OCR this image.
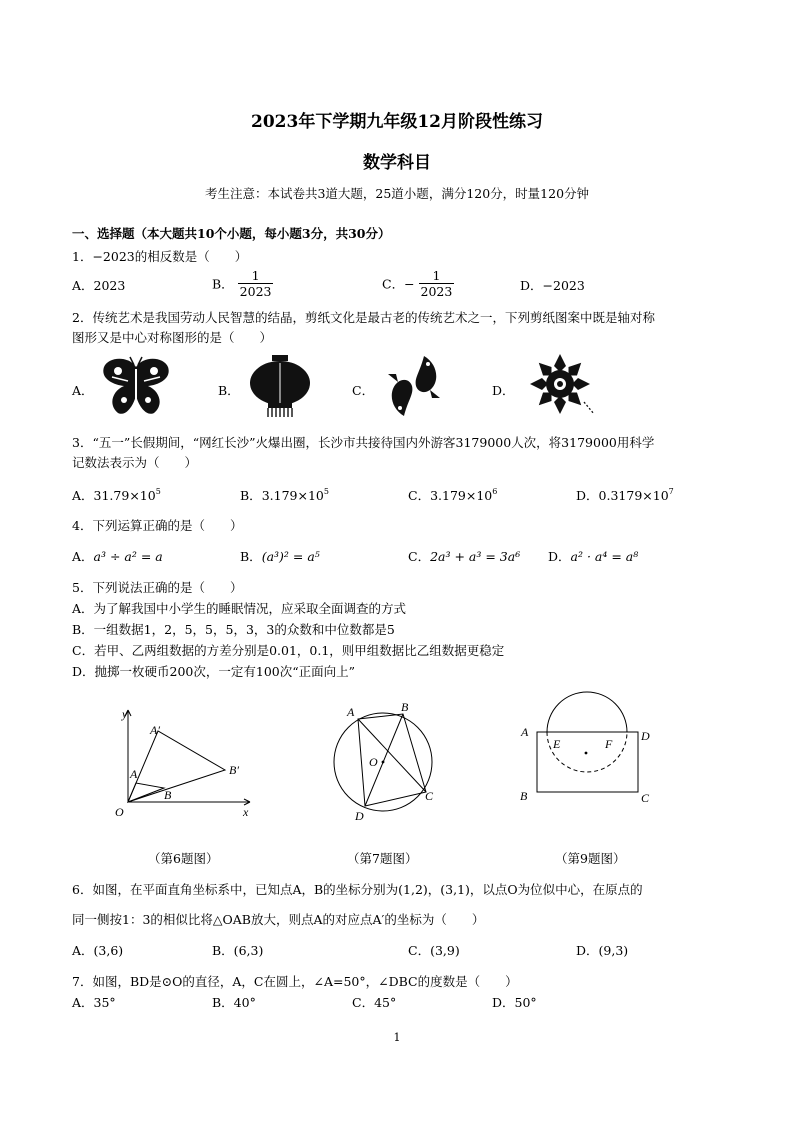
2023年下学期九年级12月阶段性练习
数学科目
考生注意：本试卷共3道大题，25道小题，满分120分，时量120分钟
一、选择题（本大题共10个小题，每小题3分，共30分）
1．−2023的相反数是（　　）
A．2023	B． $\frac{1}{2023}$	C．− $\frac{1}{2023}$	D．−2023
2．传统艺术是我国劳动人民智慧的结晶，剪纸文化是最古老的传统艺术之一，下列剪纸图案中既是轴对称
图形又是中心对称图形的是（　　）
A．	B．	C．	D．
3．“五一”长假期间，“网红长沙”火爆出圈，长沙市共接待国内外游客3179000人次，将3179000用科学
记数法表示为（　　）
A．$31.79\times 10^5$	B．$3.179\times 10^5$	C．$3.179\times 10^6$	D．$0.3179\times 10^7$
4．下列运算正确的是（　　）
A．a³ ÷ a² = a	B．(a³)² = a⁵	C．2a³ + a³ = 3a⁶ D．a² · a⁴ = a⁸
5．下列说法正确的是（　　）
A．为了解我国中小学生的睡眠情况，应采取全面调查的方式
B．一组数据1，2，5，5，5，3，3的众数和中位数都是5
C．若甲、乙两组数据的方差分别是0.01，0.1，则甲组数据比乙组数据更稳定
D．抛掷一枚硬币200次，一定有100次“正面向上”
y
x
O
A
B
A′
B′
（第6题图）
A	B
O
C
D
（第7题图）
A	D
E	F
B	C
（第9题图）
6．如图，在平面直角坐标系中，已知点A，B的坐标分别为(1,2)，(3,1)，以点O为位似中心，在原点的
同一侧按1：3的相似比将△OAB放大，则点A的对应点A′的坐标为（　　）
A．(3,6)	B．(6,3)	C．(3,9)	D．(9,3)
7．如图，BD是⊙O的直径，A，C在圆上，∠A=50°，∠DBC的度数是（　　）
A．35°	B．40°	C．45°	D．50°
1
